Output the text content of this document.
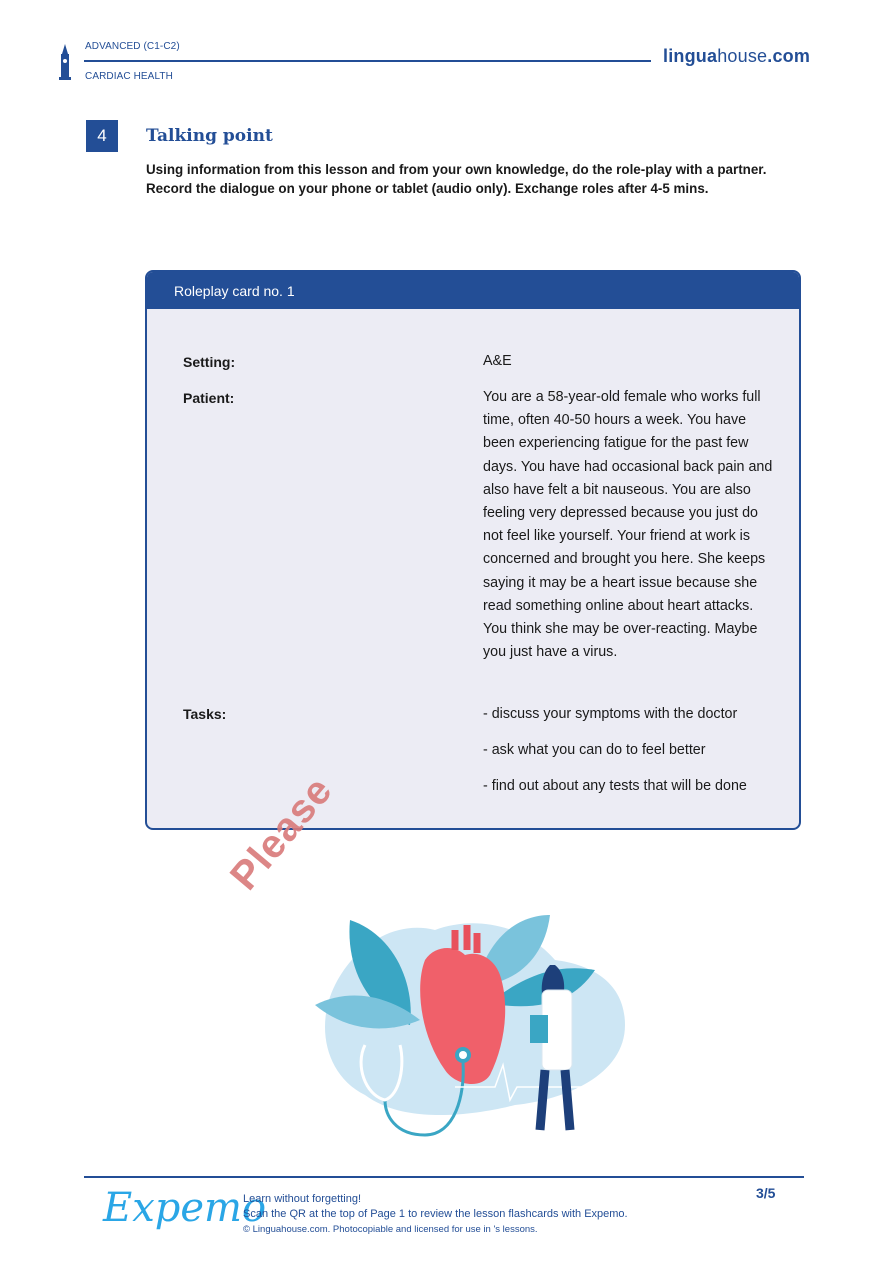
ADVANCED (C1-C2)
CARDIAC HEALTH
linguahouse.com
4	Talking point
Using information from this lesson and from your own knowledge, do the role-play with a partner. Record the dialogue on your phone or tablet (audio only). Exchange roles after 4-5 mins.
Roleplay card no. 1
Setting:	A&E
Patient:	You are a 58-year-old female who works full time, often 40-50 hours a week. You have been experiencing fatigue for the past few days. You have had occasional back pain and also have felt a bit nauseous. You are also feeling very depressed because you just do not feel like yourself. Your friend at work is concerned and brought you here. She keeps saying it may be a heart issue because she read something online about heart attacks. You think she may be over-reacting. Maybe you just have a virus.
Tasks:	- discuss your symptoms with the doctor
- ask what you can do to feel better
- find out about any tests that will be done
Please
Expemo
Learn without forgetting!
Scan the QR at the top of Page 1 to review the lesson flashcards with Expemo.
© Linguahouse.com. Photocopiable and licensed for use in 's lessons.
3/5
